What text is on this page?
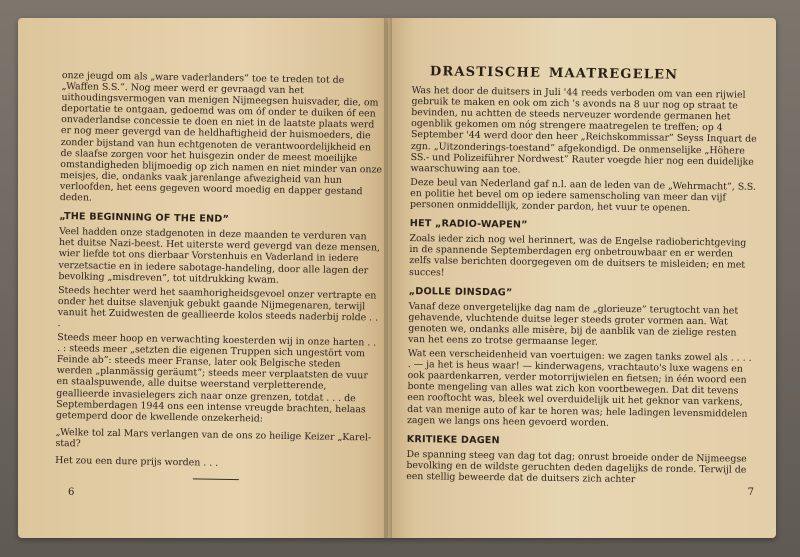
onze jeugd om als „ware vaderlanders” toe te treden tot de „Waffen S.S.”. Nog meer werd er gevraagd van het uithoudingsvermogen van menigen Nijmeegsen huisvader, die, om deportatie te ontgaan, gedoemd was om óf onder te duiken óf een onvaderlandse concessie te doen en niet in de laatste plaats werd er nog meer gevergd van de heldhaftigheid der huismoeders, die zonder bijstand van hun echtgenoten de verantwoordelijkheid en de slaafse zorgen voor het huisgezin onder de meest moeilijke omstandigheden blijmoedig op zich namen en niet minder van onze meisjes, die, ondanks vaak jarenlange afwezigheid van hun verloofden, het eens gegeven woord moedig en dapper gestand deden.

„THE BEGINNING OF THE END”

Veel hadden onze stadgenoten in deze maanden te verduren van het duitse Nazi-beest. Het uiterste werd gevergd van deze mensen, wier liefde tot ons dierbaar Vorstenhuis en Vaderland in iedere verzetsactie en in iedere sabotage-handeling, door alle lagen der bevolking „misdreven”, tot uitdrukking kwam.

Steeds hechter werd het saamhorigheidsgevoel onzer vertrapte en onder het duitse slavenjuk gebukt gaande Nijmegenaren, terwijl vanuit het Zuidwesten de geallieerde kolos steeds naderbij rolde . . .

Steeds meer hoop en verwachting koesterden wij in onze harten . . . : steeds meer „setzten die eigenen Truppen sich ungestört vom Feinde ab”: steeds meer Franse, later ook Belgische steden werden „planmässig geräumt”; steeds meer verplaatsten de vuur en staalspuwende, alle duitse weerstand verpletterende, geallieerde invasielegers zich naar onze grenzen, totdat . . . de Septemberdagen 1944 ons een intense vreugde brachten, helaas getemperd door de kwellende onzekerheid:

„Welke tol zal Mars verlangen van de ons zo heilige Keizer „Karel-stad?

Het zou een dure prijs worden . . .

6
drastische maatregelen

Was het door de duitsers in Juli '44 reeds verboden om van een rijwiel gebruik te maken en ook om zich 's avonds na 8 uur nog op straat te bevinden, nu achtten de steeds nerveuzer wordende germanen het ogenblik gekomen om nóg strengere maatregelen te treffen; op 4 September '44 werd door den heer „Reichskommissar” Seyss Inquart de zgn. „Uitzonderings-toestand” afgekondigd. De onmenselijke „Höhere SS.- und Polizeiführer Nordwest” Rauter voegde hier nog een duidelijke waarschuwing aan toe.

Deze beul van Nederland gaf n.l. aan de leden van de „Wehrmacht”, S.S. en politie het bevel om op iedere samenscholing van meer dan vijf personen onmiddellijk, zonder pardon, het vuur te openen.

HET „RADIO-WAPEN”

Zoals ieder zich nog wel herinnert, was de Engelse radioberichtgeving in de spannende Septemberdagen erg onbetrouwbaar en er werden zelfs valse berichten doorgegeven om de duitsers te misleiden; en met succes!

„DOLLE DINSDAG”

Vanaf deze onvergetelijke dag nam de „glorieuze” terugtocht van het gehavende, vluchtende duitse leger steeds groter vormen aan. Wat genoten we, ondanks alle misère, bij de aanblik van de zielige resten van het eens zo trotse germaanse leger.

Wat een verscheidenheid van voertuigen: we zagen tanks zowel als . . . . . — ja het is heus waar! — kinderwagens, vrachtauto's luxe wagens en ook paardenkarren, verder motorrijwielen en fietsen; in één woord een bonte mengeling van alles wat zich kon voortbewegen. Dat dit tevens een rooftocht was, bleek wel overduidelijk uit het geknor van varkens, dat van menige auto of kar te horen was; hele ladingen levensmiddelen zagen we langs ons heen gevoerd worden.

KRITIEKE DAGEN

De spanning steeg van dag tot dag; onrust broeide onder de Nijmeegse bevolking en de wildste geruchten deden dagelijks de ronde. Terwijl de een stellig beweerde dat de duitsers zich achter

7
